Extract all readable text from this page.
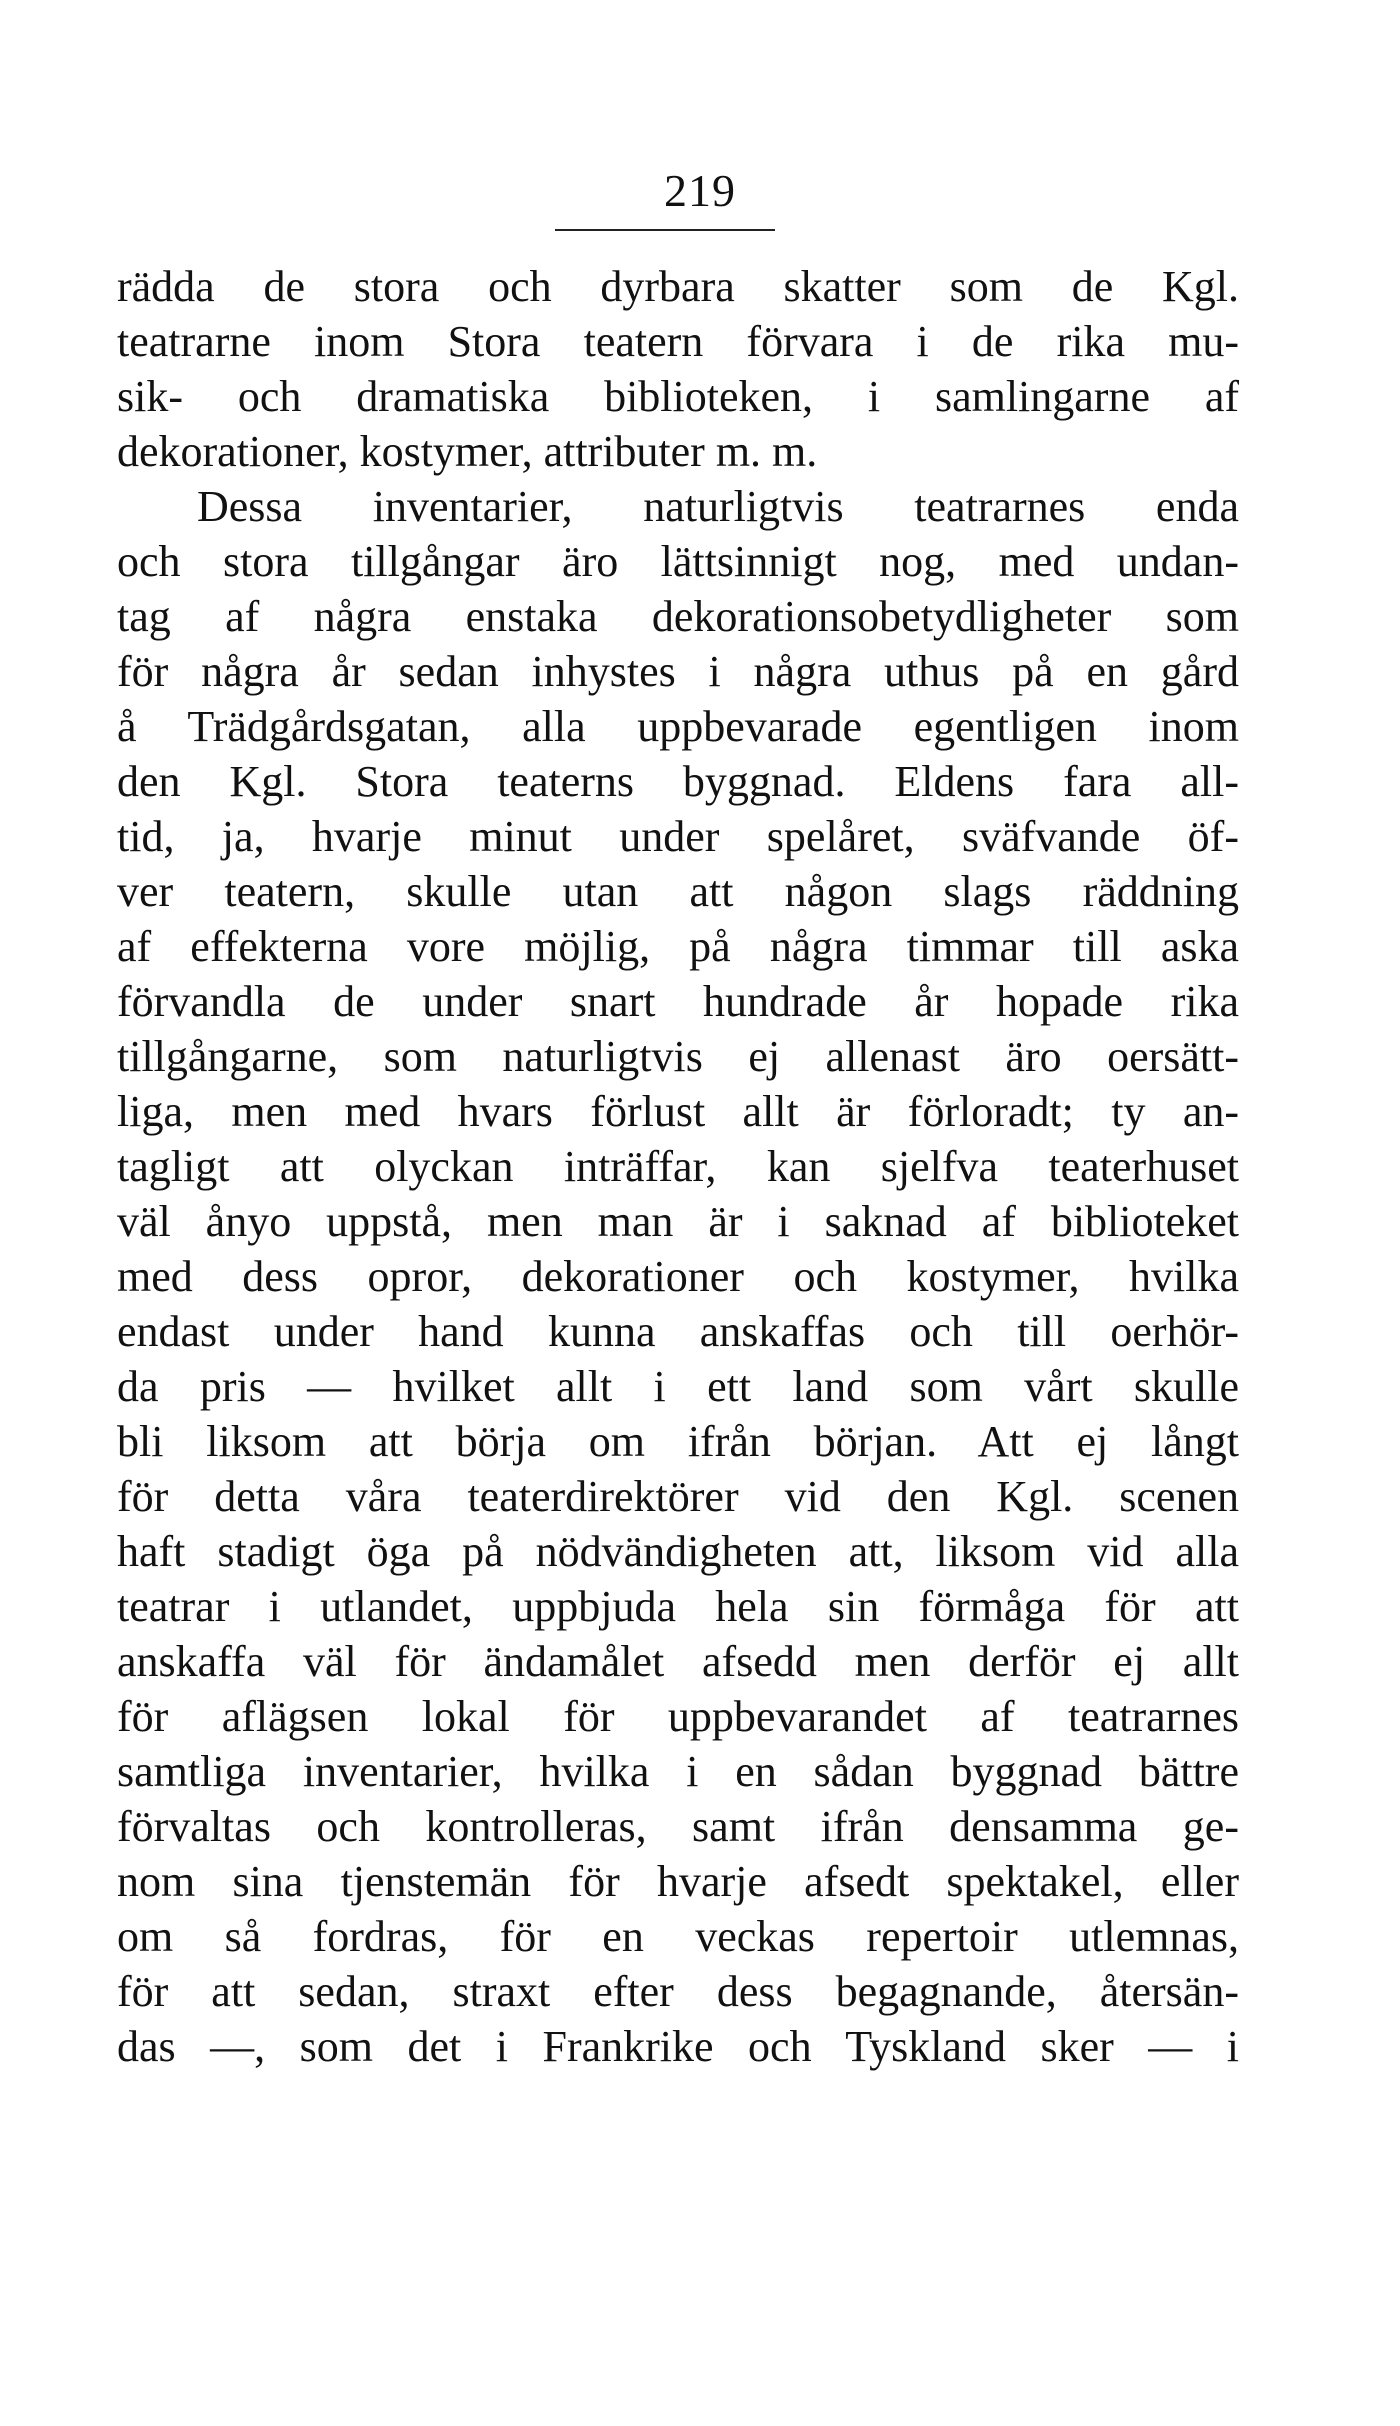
219
rädda de stora och dyrbara skatter som de Kgl.
teatrarne inom Stora teatern förvara i de rika mu-
sik- och dramatiska biblioteken, i samlingarne af
dekorationer, kostymer, attributer m. m.
Dessa inventarier, naturligtvis teatrarnes enda
och stora tillgångar äro lättsinnigt nog, med undan-
tag af några enstaka dekorationsobetydligheter som
för några år sedan inhystes i några uthus på en gård
å Trädgårdsgatan, alla uppbevarade egentligen inom
den Kgl. Stora teaterns byggnad. Eldens fara all-
tid, ja, hvarje minut under spelåret, sväfvande öf-
ver teatern, skulle utan att någon slags räddning
af effekterna vore möjlig, på några timmar till aska
förvandla de under snart hundrade år hopade rika
tillgångarne, som naturligtvis ej allenast äro oersätt-
liga, men med hvars förlust allt är förloradt; ty an-
tagligt att olyckan inträffar, kan sjelfva teaterhuset
väl ånyo uppstå, men man är i saknad af biblioteket
med dess opror, dekorationer och kostymer, hvilka
endast under hand kunna anskaffas och till oerhör-
da pris — hvilket allt i ett land som vårt skulle
bli liksom att börja om ifrån början. Att ej långt
för detta våra teaterdirektörer vid den Kgl. scenen
haft stadigt öga på nödvändigheten att, liksom vid alla
teatrar i utlandet, uppbjuda hela sin förmåga för att
anskaffa väl för ändamålet afsedd men derför ej allt
för aflägsen lokal för uppbevarandet af teatrarnes
samtliga inventarier, hvilka i en sådan byggnad bättre
förvaltas och kontrolleras, samt ifrån densamma ge-
nom sina tjenstemän för hvarje afsedt spektakel, eller
om så fordras, för en veckas repertoir utlemnas,
för att sedan, straxt efter dess begagnande, återsän-
das —, som det i Frankrike och Tyskland sker — i
